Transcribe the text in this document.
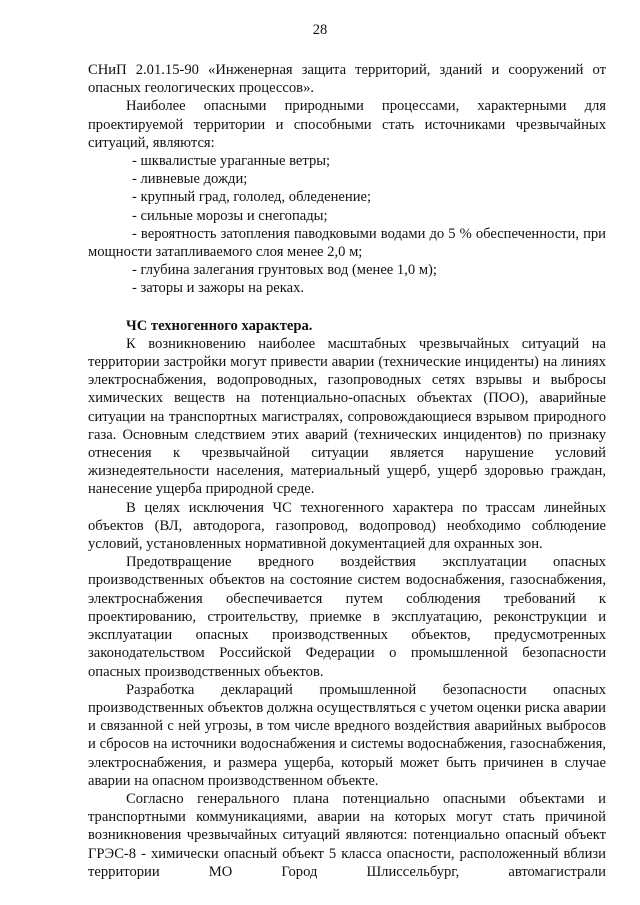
28

СНиП 2.01.15-90 «Инженерная защита территорий, зданий и сооружений от опасных геологических процессов».

Наиболее опасными природными процессами, характерными для проектируемой территории и способными стать источниками чрезвычайных ситуаций, являются:

- шквалистые ураганные ветры;

- ливневые дожди;

- крупный град, гололед, обледенение;

- сильные морозы и снегопады;

- вероятность затопления паводковыми водами до 5 % обеспеченности, при мощности затапливаемого слоя менее 2,0 м;

- глубина залегания грунтовых вод (менее 1,0 м);

- заторы и зажоры на реках.

ЧС техногенного характера.

К возникновению наиболее масштабных чрезвычайных ситуаций на территории застройки могут привести аварии (технические инциденты) на линиях электроснабжения, водопроводных, газопроводных сетях взрывы и выбросы химических веществ на потенциально-опасных объектах (ПОО), аварийные ситуации на транспортных магистралях, сопровождающиеся взрывом природного газа. Основным следствием этих аварий (технических инцидентов) по признаку отнесения к чрезвычайной ситуации является нарушение условий жизнедеятельности населения, материальный ущерб, ущерб здоровью граждан, нанесение ущерба природной среде.

В целях исключения ЧС техногенного характера по трассам линейных объектов (ВЛ, автодорога, газопровод, водопровод) необходимо соблюдение условий, установленных нормативной документацией для охранных зон.

Предотвращение вредного воздействия эксплуатации опасных производственных объектов на состояние систем водоснабжения, газоснабжения, электроснабжения обеспечивается путем соблюдения требований к проектированию, строительству, приемке в эксплуатацию, реконструкции и эксплуатации опасных производственных объектов, предусмотренных законодательством Российской Федерации о промышленной безопасности опасных производственных объектов.

Разработка деклараций промышленной безопасности опасных производственных объектов должна осуществляться с учетом оценки риска аварии и связанной с ней угрозы, в том числе вредного воздействия аварийных выбросов и сбросов на источники водоснабжения и системы водоснабжения, газоснабжения, электроснабжения, и размера ущерба, который может быть причинен в случае аварии на опасном производственном объекте.

Согласно генерального плана потенциально опасными объектами и транспортными коммуникациями, аварии на которых могут стать причиной возникновения чрезвычайных ситуаций являются: потенциально опасный объект ГРЭС-8 - химически опасный объект 5 класса опасности, расположенный вблизи территории МО Город Шлиссельбург, автомагистрали
